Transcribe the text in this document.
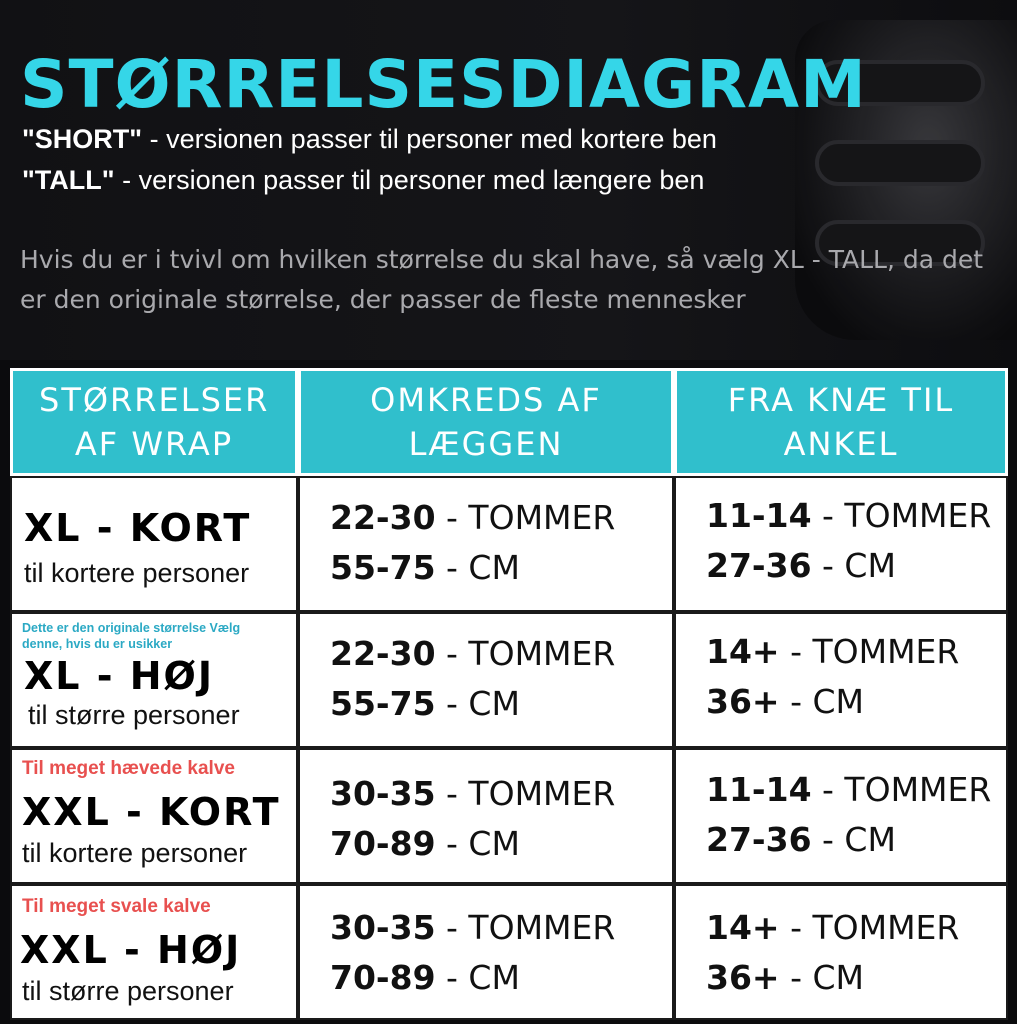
STØRRELSESDIAGRAM
"SHORT" - versionen passer til personer med kortere ben
"TALL" - versionen passer til personer med længere ben
Hvis du er i tvivl om hvilken størrelse du skal have, så vælg XL - TALL, da det er den originale størrelse, der passer de fleste mennesker
STØRRELSER AF WRAP
OMKREDS AF LÆGGEN
FRA KNÆ TIL ANKEL
XL - KORT
til kortere personer
22-30 - TOMMER
55-75 - CM
11-14 - TOMMER
27-36 - CM
Dette er den originale størrelse Vælg denne, hvis du er usikker
XL - HØJ
til større personer
22-30 - TOMMER
55-75 - CM
14+ - TOMMER
36+ - CM
Til meget hævede kalve
XXL - KORT
til kortere personer
30-35 - TOMMER
70-89 - CM
11-14 - TOMMER
27-36 - CM
Til meget svale kalve
XXL - HØJ
til større personer
30-35 - TOMMER
70-89 - CM
14+ - TOMMER
36+ - CM
